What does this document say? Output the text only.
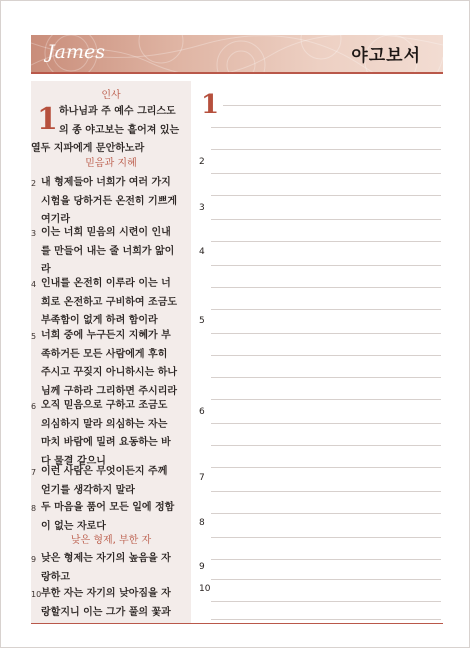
James	야고보서
인사
1 하나님과 주 예수 그리스도
의 종 야고보는 흩어져 있는
열두 지파에게 문안하노라
믿음과 지혜
2 내 형제들아 너희가 여러 가지
시험을 당하거든 온전히 기쁘게
여기라
3 이는 너희 믿음의 시련이 인내
를 만들어 내는 줄 너희가 앎이
라
4 인내를 온전히 이루라 이는 너
희로 온전하고 구비하여 조금도
부족함이 없게 하려 함이라
5 너희 중에 누구든지 지혜가 부
족하거든 모든 사람에게 후히
주시고 꾸짖지 아니하시는 하나
님께 구하라 그리하면 주시리라
6 오직 믿음으로 구하고 조금도
의심하지 말라 의심하는 자는
마치 바람에 밀려 요동하는 바
다 물결 같으니
7 이런 사람은 무엇이든지 주께
얻기를 생각하지 말라
8 두 마음을 품어 모든 일에 정함
이 없는 자로다
낮은 형제, 부한 자
9 낮은 형제는 자기의 높음을 자
랑하고
10 부한 자는 자기의 낮아짐을 자
랑할지니 이는 그가 풀의 꽃과
1
2
3
4
5
6
7
8
9
10
